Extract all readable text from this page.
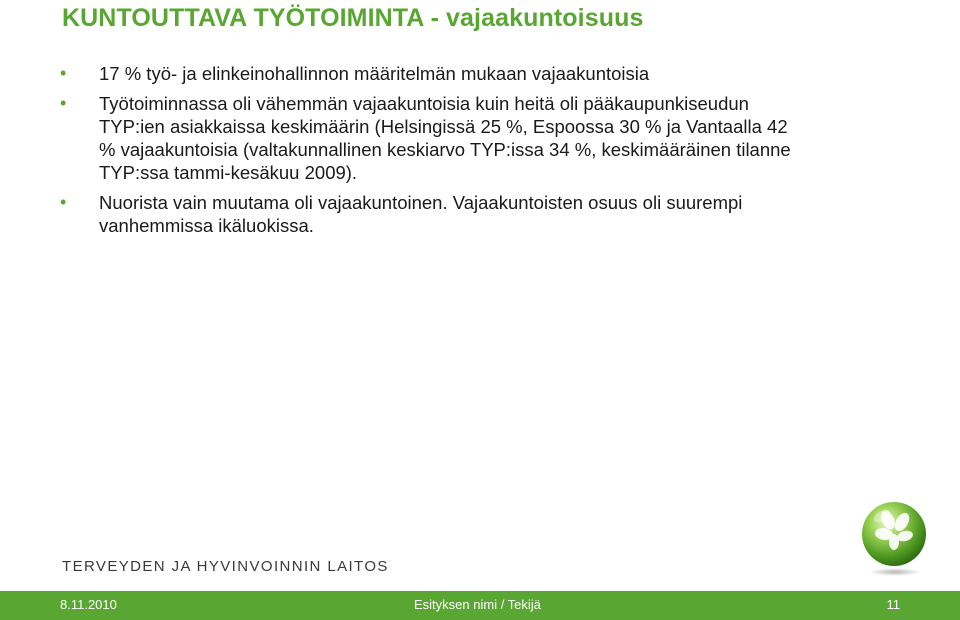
KUNTOUTTAVA TYÖTOIMINTA - vajaakuntoisuus
• 17 % työ- ja elinkeinohallinnon määritelmän mukaan vajaakuntoisia
• Työtoiminnassa oli vähemmän vajaakuntoisia kuin heitä oli pääkaupunkiseudun
TYP:ien asiakkaissa keskimäärin (Helsingissä 25 %, Espoossa 30 % ja Vantaalla 42
% vajaakuntoisia (valtakunnallinen keskiarvo TYP:issa 34 %, keskimääräinen tilanne
TYP:ssa tammi-kesäkuu 2009).
• Nuorista vain muutama oli vajaakuntoinen. Vajaakuntoisten osuus oli suurempi
vanhemmissa ikäluokissa.
TERVEYDEN JA HYVINVOINNIN LAITOS
8.11.2010	Esityksen nimi / Tekijä	11
